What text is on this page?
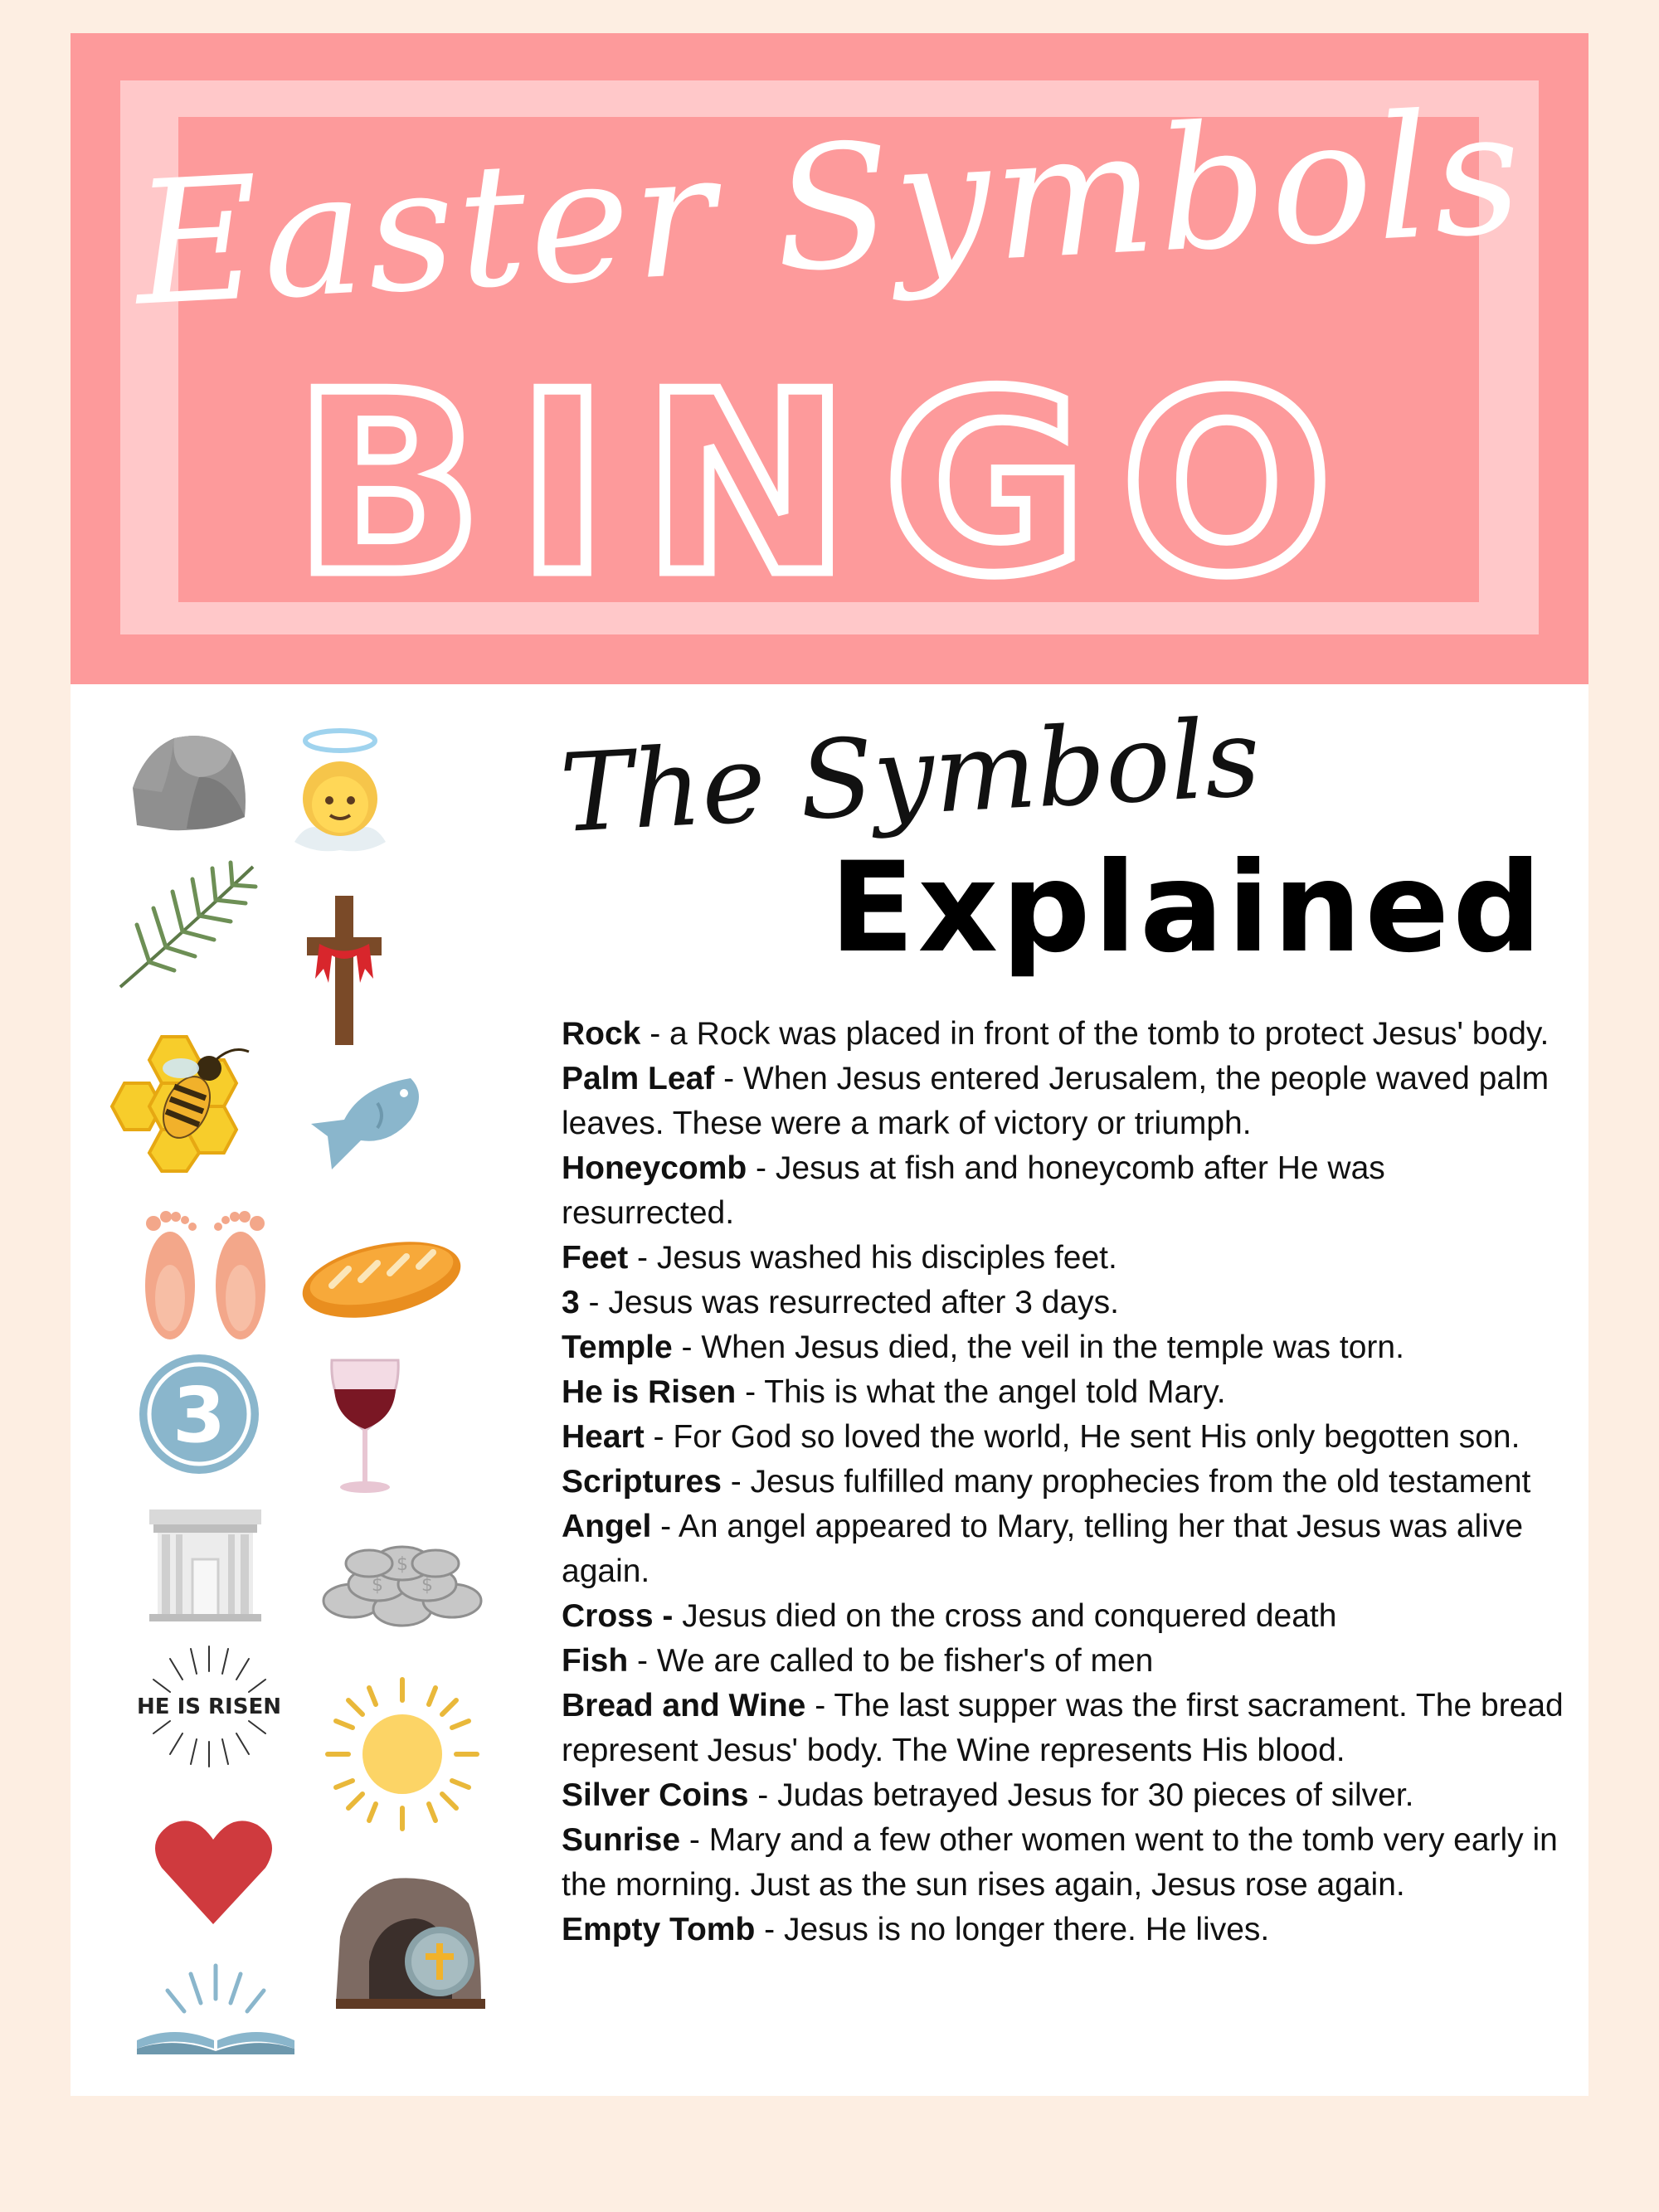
Easter Symbols
BINGO
3
$
$ $
HE IS RISEN
The Symbols
Explained

Rock - a Rock was placed in front of the tomb to protect Jesus' body.

Palm Leaf - When Jesus entered Jerusalem, the people waved palm leaves. These were a mark of victory or triumph.

Honeycomb - Jesus at fish and honeycomb after He was resurrected.

Feet - Jesus washed his disciples feet.

3 - Jesus was resurrected after 3 days.

Temple - When Jesus died, the veil in the temple was torn.

He is Risen - This is what the angel told Mary.

Heart - For God so loved the world, He sent His only begotten son.

Scriptures - Jesus fulfilled many prophecies from the old testament

Angel - An angel appeared to Mary, telling her that Jesus was alive again.

Cross - Jesus died on the cross and conquered death

Fish - We are called to be fisher's of men

Bread and Wine - The last supper was the first sacrament. The bread represent Jesus' body. The Wine represents His blood.

Silver Coins - Judas betrayed Jesus for 30 pieces of silver.

Sunrise - Mary and a few other women went to the tomb very early in the morning. Just as the sun rises again, Jesus rose again.

Empty Tomb - Jesus is no longer there. He lives.
